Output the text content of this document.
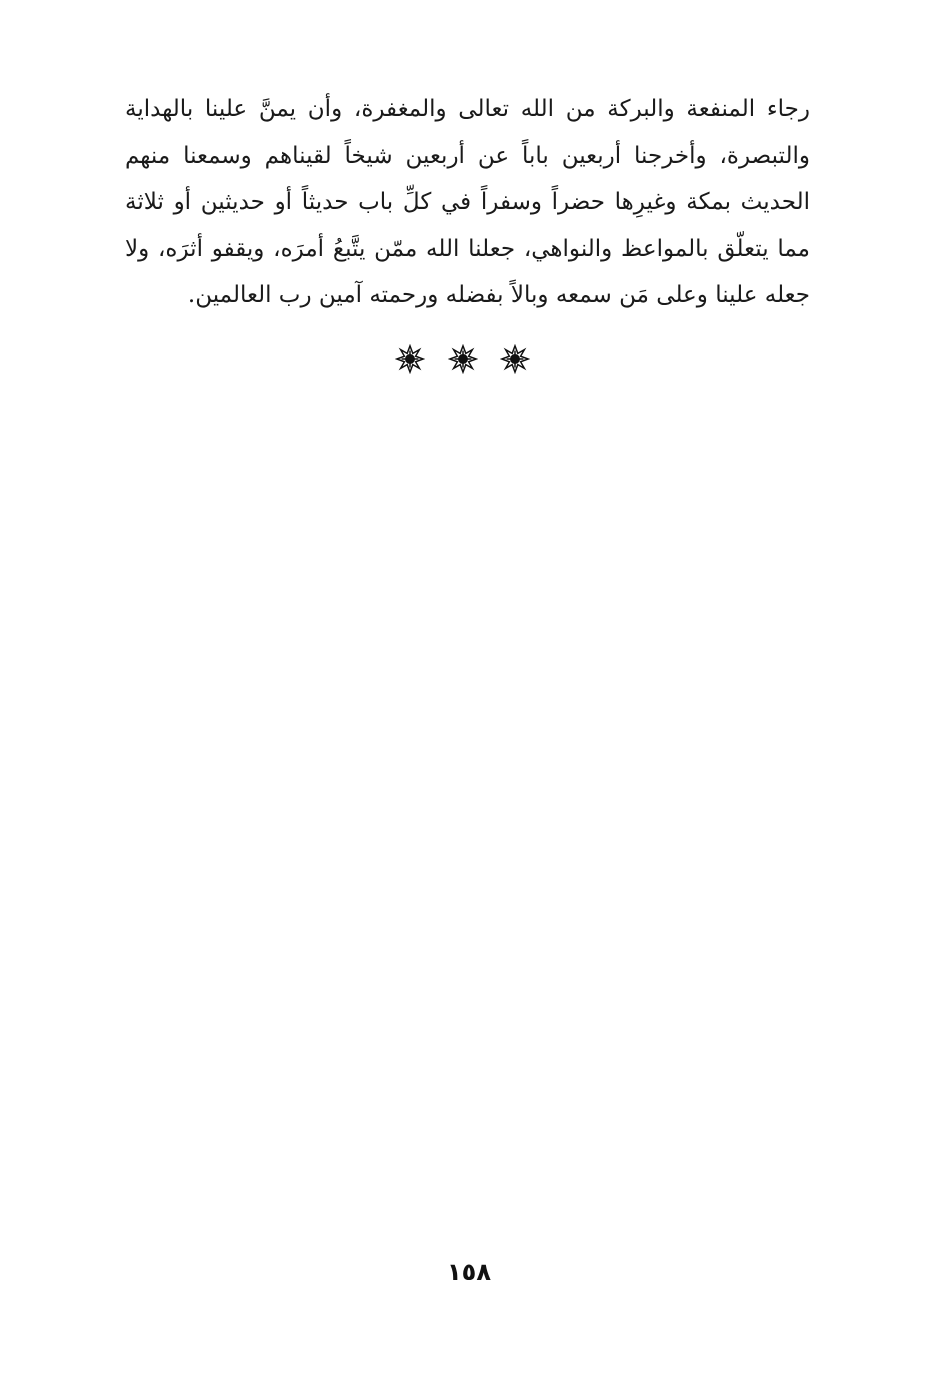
رجاء المنفعة والبركة من الله تعالى والمغفرة، وأن يمنَّ علينا بالهداية
والتبصرة، وأخرجنا أربعين باباً عن أربعين شيخاً لقيناهم وسمعنا منهم
الحديث بمكة وغيرِها حضراً وسفراً في كلِّ باب حديثاً أو حديثين أو ثلاثة
مما يتعلّق بالمواعظ والنواهي، جعلنا الله ممّن يتَّبعُ أمرَه، ويقفو أثرَه، ولا
جعله علينا وعلى مَن سمعه وبالاً بفضله ورحمته آمين رب العالمين.
١٥٨
